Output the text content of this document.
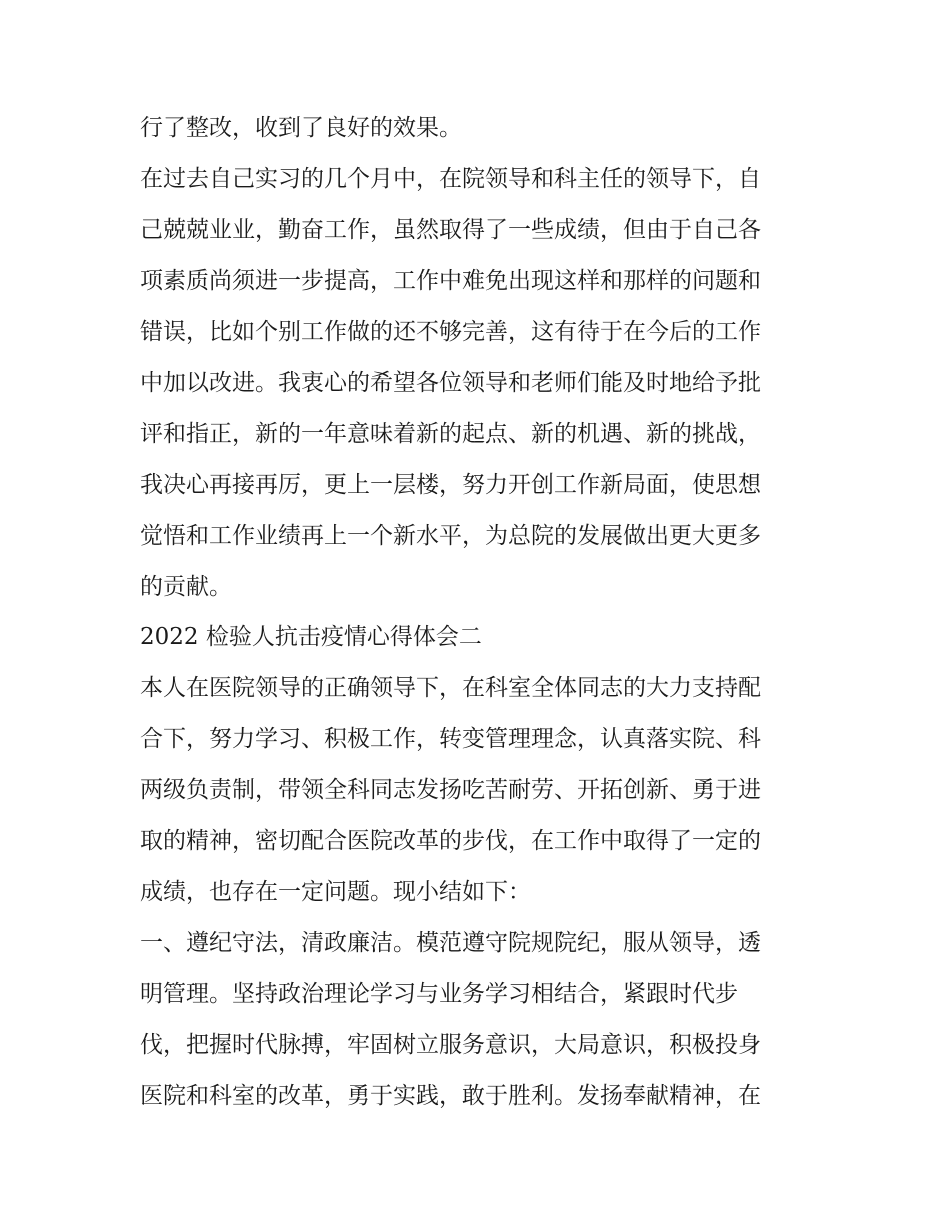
行了整改，收到了良好的效果。
在过去自己实习的几个月中，在院领导和科主任的领导下，自
己兢兢业业，勤奋工作，虽然取得了一些成绩，但由于自己各
项素质尚须进一步提高，工作中难免出现这样和那样的问题和
错误，比如个别工作做的还不够完善，这有待于在今后的工作
中加以改进。我衷心的希望各位领导和老师们能及时地给予批
评和指正，新的一年意味着新的起点、新的机遇、新的挑战，
我决心再接再厉，更上一层楼，努力开创工作新局面，使思想
觉悟和工作业绩再上一个新水平，为总院的发展做出更大更多
的贡献。
2022 检验人抗击疫情心得体会二
本人在医院领导的正确领导下，在科室全体同志的大力支持配
合下，努力学习、积极工作，转变管理理念，认真落实院、科
两级负责制，带领全科同志发扬吃苦耐劳、开拓创新、勇于进
取的精神，密切配合医院改革的步伐，在工作中取得了一定的
成绩，也存在一定问题。现小结如下：
一、遵纪守法，清政廉洁。模范遵守院规院纪，服从领导，透
明管理。坚持政治理论学习与业务学习相结合，紧跟时代步
伐，把握时代脉搏，牢固树立服务意识，大局意识，积极投身
医院和科室的改革，勇于实践，敢于胜利。发扬奉献精神，在
